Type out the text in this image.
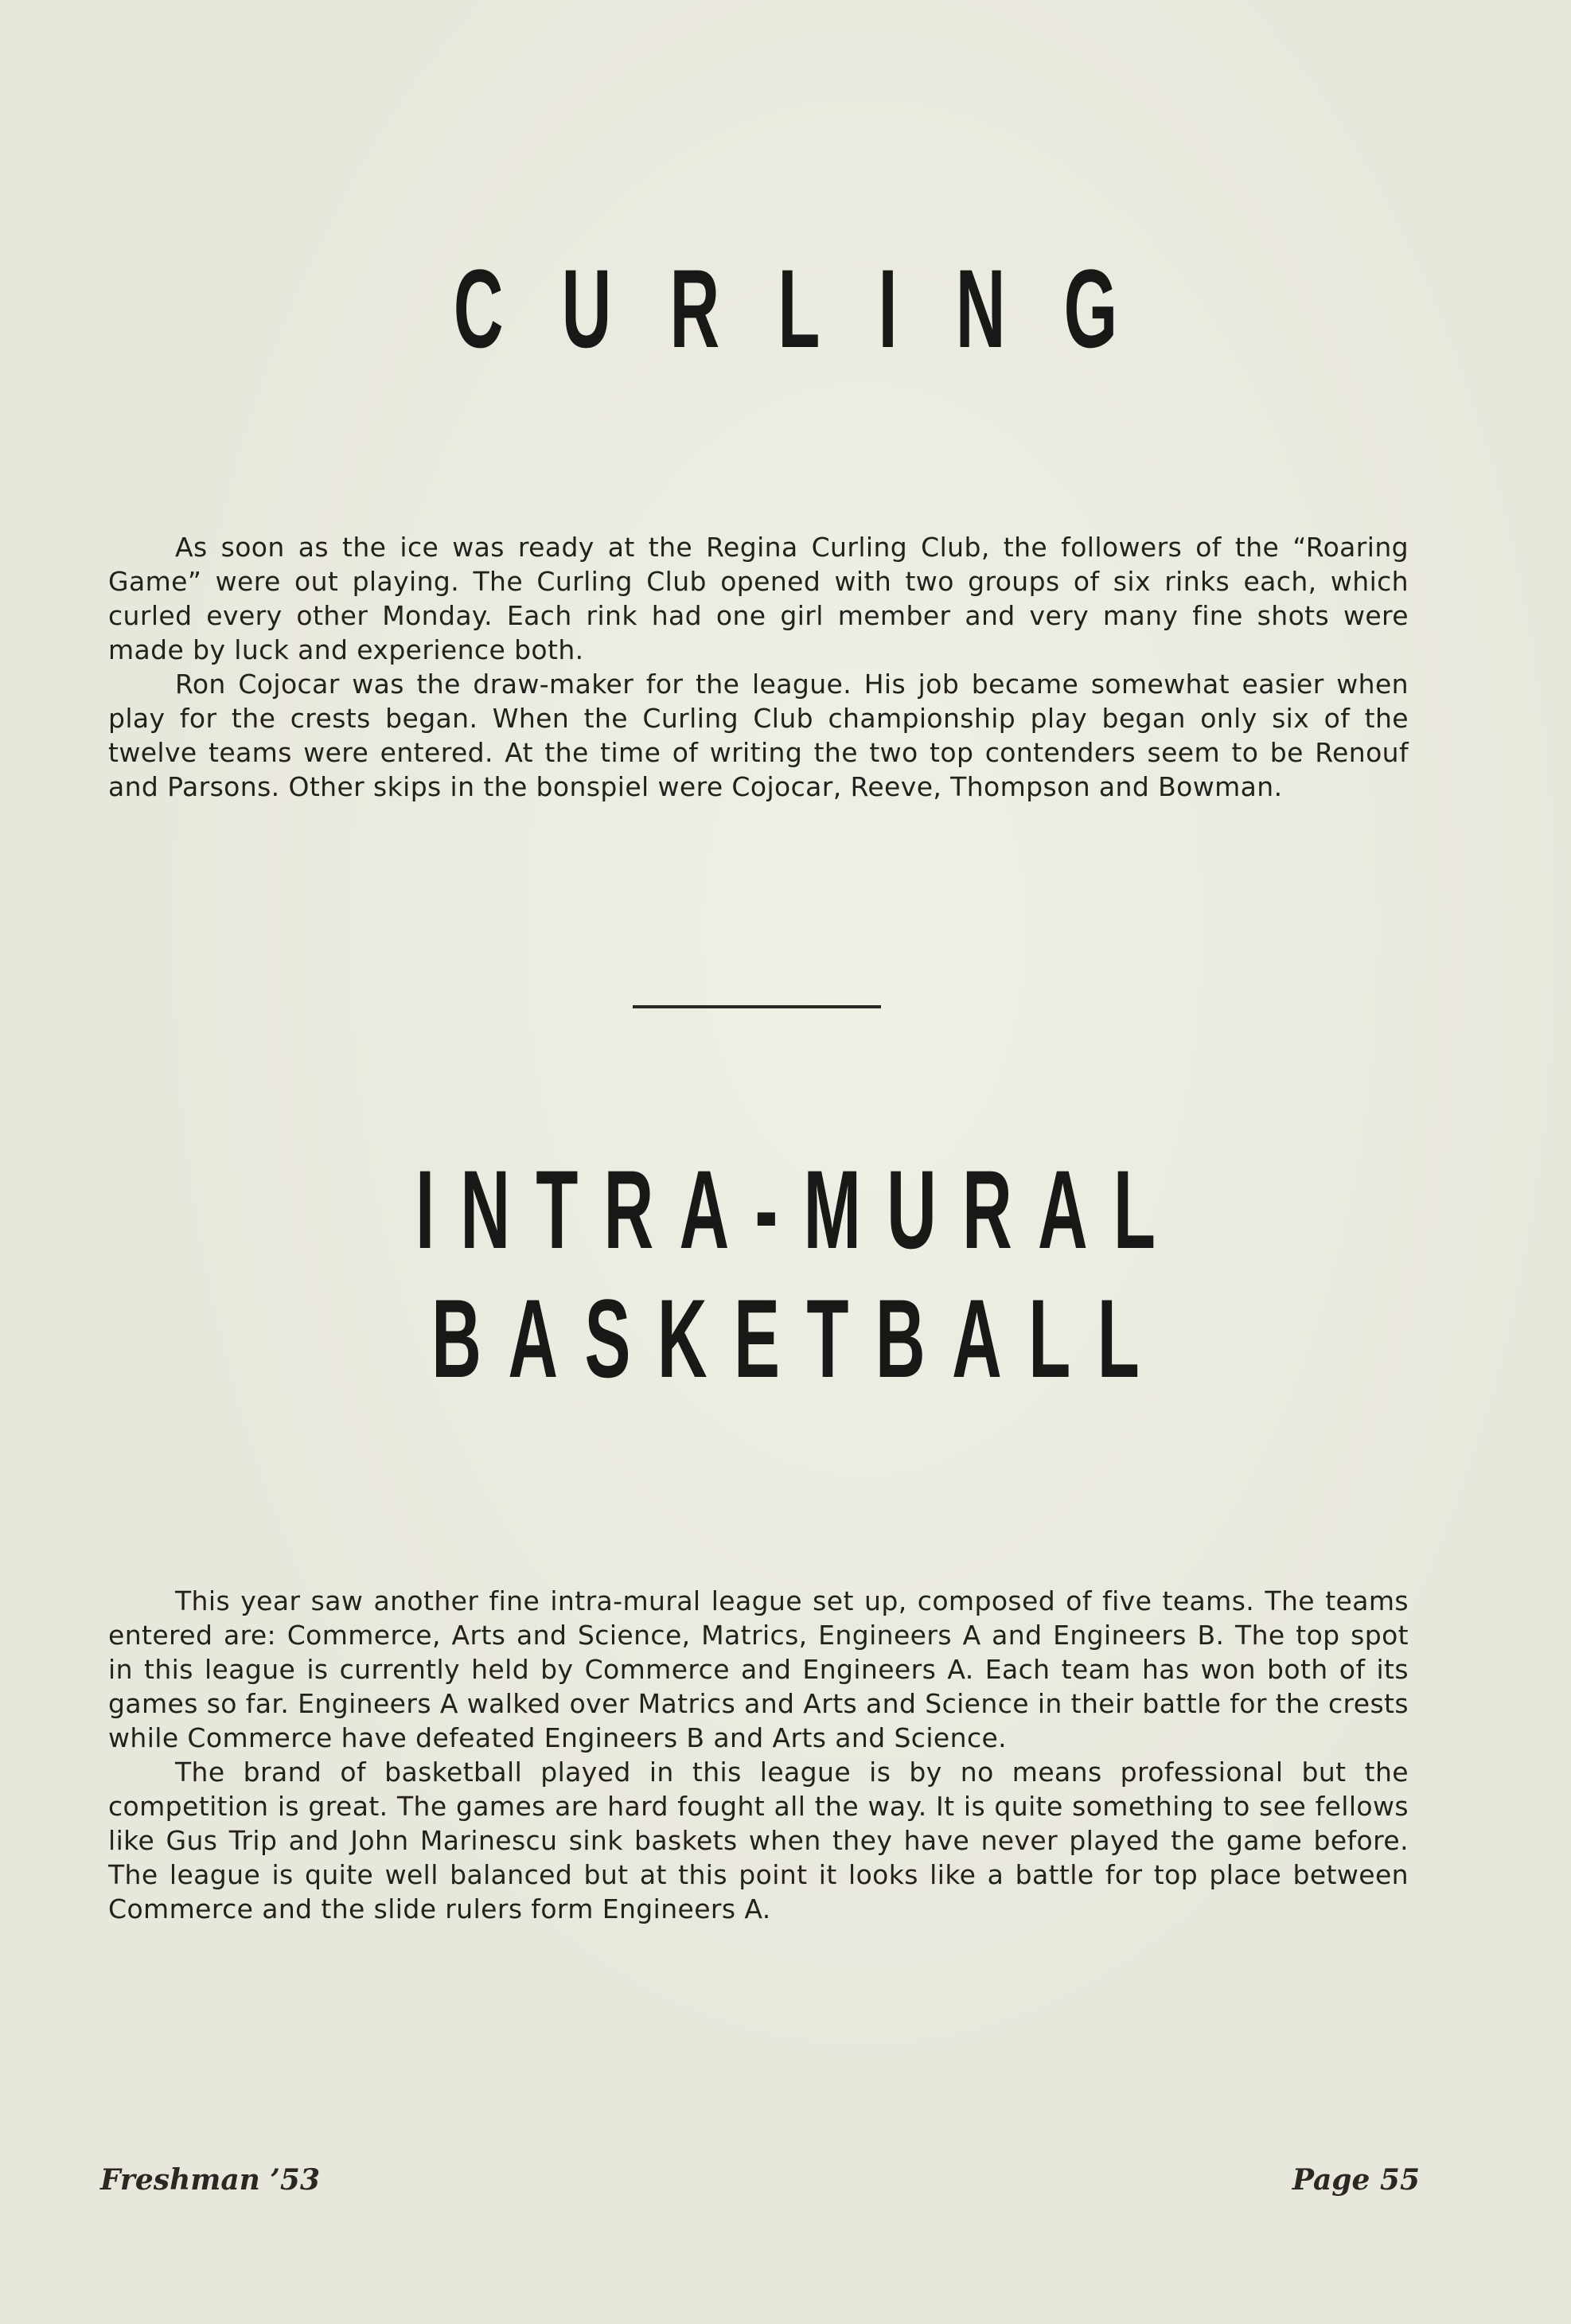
CURLING

As soon as the ice was ready at the Regina Curling Club, the followers of the “Roaring Game” were out playing. The Curling Club opened with two groups of six rinks each, which curled every other Monday. Each rink had one girl member and very many fine shots were made by luck and experience both.

Ron Cojocar was the draw-maker for the league. His job became somewhat easier when play for the crests began. When the Curling Club championship play began only six of the twelve teams were entered. At the time of writing the two top contenders seem to be Renouf and Parsons. Other skips in the bonspiel were Cojocar, Reeve, Thompson and Bowman.

INTRA-MURAL
BASKETBALL

This year saw another fine intra-mural league set up, composed of five teams. The teams entered are: Commerce, Arts and Science, Matrics, Engineers A and Engineers B. The top spot in this league is currently held by Commerce and Engineers A. Each team has won both of its games so far. Engineers A walked over Matrics and Arts and Science in their battle for the crests while Commerce have defeated Engineers B and Arts and Science.

The brand of basketball played in this league is by no means professional but the competition is great. The games are hard fought all the way. It is quite something to see fellows like Gus Trip and John Marinescu sink baskets when they have never played the game before. The league is quite well balanced but at this point it looks like a battle for top place between Commerce and the slide rulers form Engineers A.

Freshman ’53	Page 55
